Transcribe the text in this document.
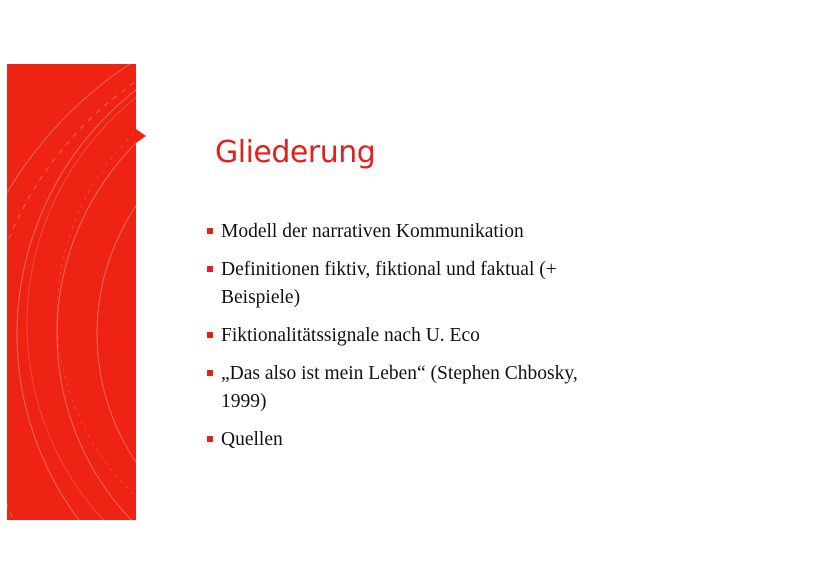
Gliederung
Modell der narrativen Kommunikation
Definitionen fiktiv, fiktional und faktual (+ Beispiele)
Fiktionalitätssignale nach U. Eco
„Das also ist mein Leben“ (Stephen Chbosky, 1999)
Quellen
